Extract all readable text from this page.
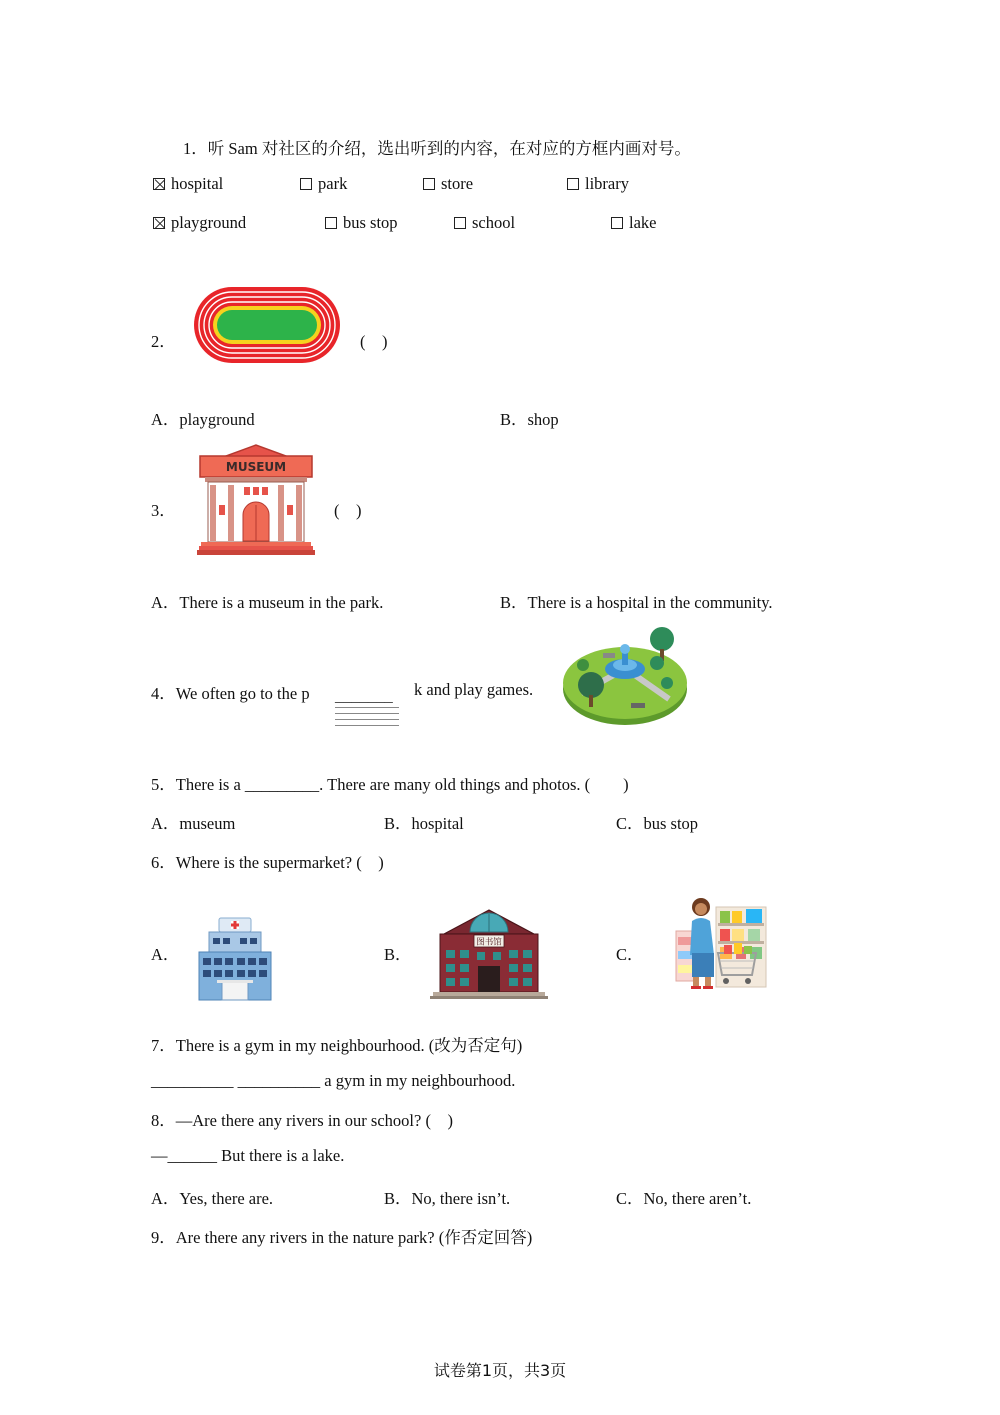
1．听 Sam 对社区的介绍，选出听到的内容，在对应的方框内画对号。
hospital	park	store	library
playground	bus stop	school	lake
2．	(　)
A．playground	B．shop
3．
MUSEUM
(　)
A．There is a museum in the park.	B．There is a hospital in the community.
4．We often go to the p _______ k and play games.
5．There is a _________. There are many old things and photos. (　　)
A．museum	B．hospital	C．bus stop
6．Where is the supermarket? (　)
A．	B．
图书馆
C．
7．There is a gym in my neighbourhood. (改为否定句)
__________ __________ a gym in my neighbourhood.
8．—Are there any rivers in our school? (　)
—______ But there is a lake.
A．Yes, there are.	B．No, there isn’t.	C．No, there aren’t.
9．Are there any rivers in the nature park? (作否定回答)
试卷第1页，共3页
